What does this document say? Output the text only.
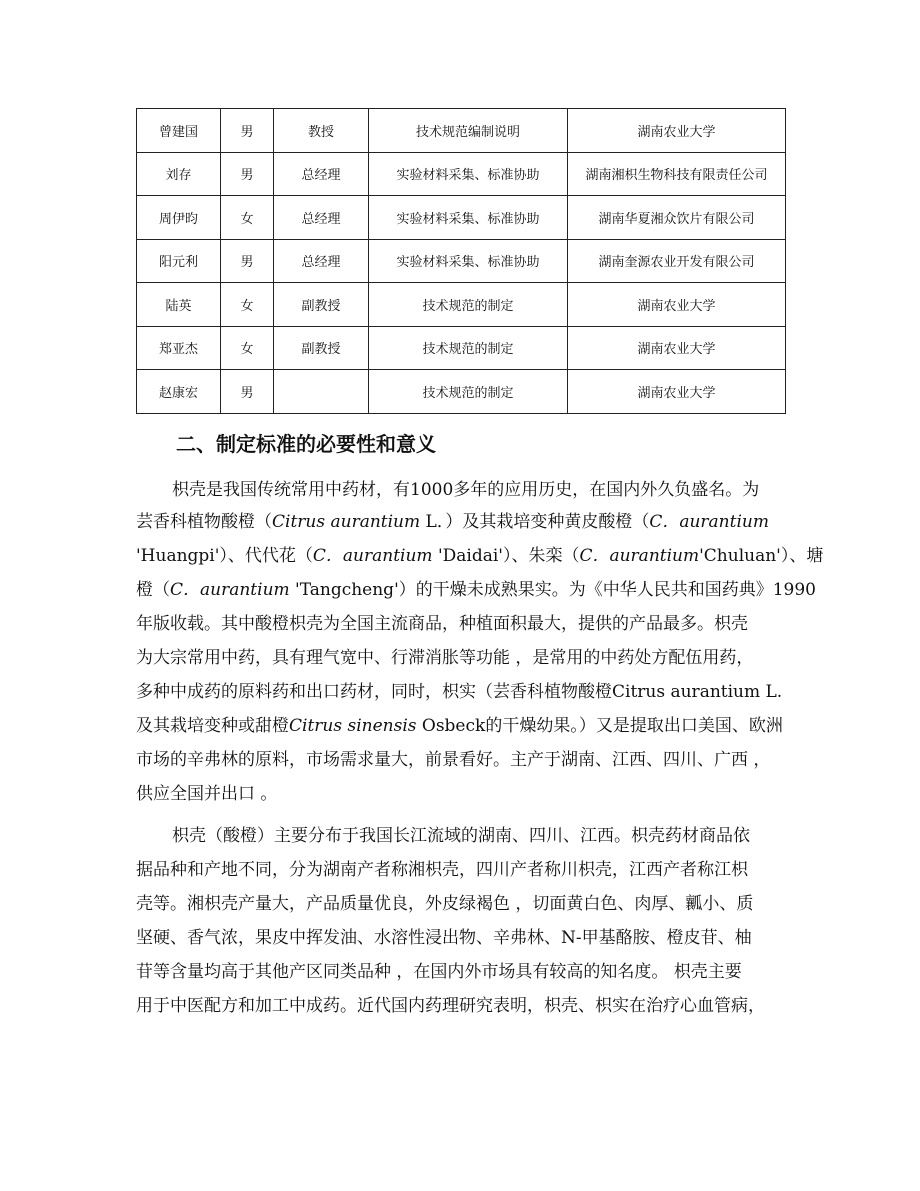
曾建国	男	教授	技术规范编制说明	湖南农业大学
刘存	男	总经理	实验材料采集、标准协助	湖南湘枳生物科技有限责任公司
周伊昀	女	总经理	实验材料采集、标准协助	湖南华夏湘众饮片有限公司
阳元利	男	总经理	实验材料采集、标准协助	湖南奎源农业开发有限公司
陆英	女	副教授	技术规范的制定	湖南农业大学
郑亚杰	女	副教授	技术规范的制定	湖南农业大学
赵康宏	男		技术规范的制定	湖南农业大学
二、制定标准的必要性和意义
枳壳是我国传统常用中药材，有1000多年的应用历史，在国内外久负盛名。为
芸香科植物酸橙（Citrus aurantium L．）及其栽培变种黄皮酸橙（C．aurantium
'Huangpi'）、代代花（C．aurantium 'Daidai'）、朱栾（C．aurantium'Chuluan'）、塘
橙（C．aurantium 'Tangcheng'）的干燥未成熟果实。为《中华人民共和国药典》1990
年版收载。其中酸橙枳壳为全国主流商品，种植面积最大，提供的产品最多。枳壳
为大宗常用中药，具有理气宽中、行滞消胀等功能 ，是常用的中药处方配伍用药，
多种中成药的原料药和出口药材，同时，枳实（芸香科植物酸橙Citrus aurantium L.
及其栽培变种或甜橙Citrus sinensis Osbeck的干燥幼果。）又是提取出口美国、欧洲
市场的辛弗林的原料，市场需求量大，前景看好。主产于湖南、江西、四川、广西 ，
供应全国并出口 。
枳壳（酸橙）主要分布于我国长江流域的湖南、四川、江西。枳壳药材商品依
据品种和产地不同，分为湖南产者称湘枳壳，四川产者称川枳壳，江西产者称江枳
壳等。湘枳壳产量大，产品质量优良，外皮绿褐色 ，切面黄白色、肉厚、瓤小、质
坚硬、香气浓，果皮中挥发油、水溶性浸出物、辛弗林、N-甲基酪胺、橙皮苷、柚
苷等含量均高于其他产区同类品种 ，在国内外市场具有较高的知名度。 枳壳主要
用于中医配方和加工中成药。近代国内药理研究表明，枳壳、枳实在治疗心血管病，
